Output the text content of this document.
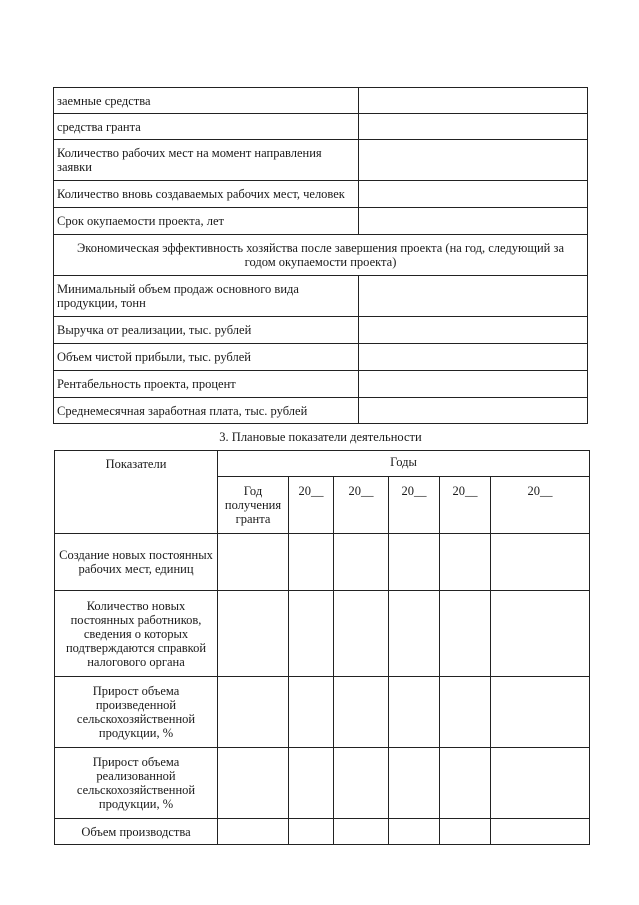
заемные средства	
средства гранта	
Количество рабочих мест на момент направления заявки	
Количество вновь создаваемых рабочих мест, человек	
Срок окупаемости проекта, лет	
Экономическая эффективность хозяйства после завершения проекта (на год, следующий за годом окупаемости проекта)	
Минимальный объем продаж основного вида продукции, тонн	
Выручка от реализации, тыс. рублей	
Объем чистой прибыли, тыс. рублей	
Рентабельность проекта, процент	
Среднемесячная заработная плата, тыс. рублей	
3. Плановые показатели деятельности
Показатели	Годы					
	Год получения гранта	20__	20__	20__	20__	20__
Создание новых постоянных рабочих мест, единиц						
Количество новых постоянных работников, сведения о которых подтверждаются справкой налогового органа						
Прирост объема произведенной сельскохозяйственной продукции, %						
Прирост объема реализованной сельскохозяйственной продукции, %						
Объем производства						
